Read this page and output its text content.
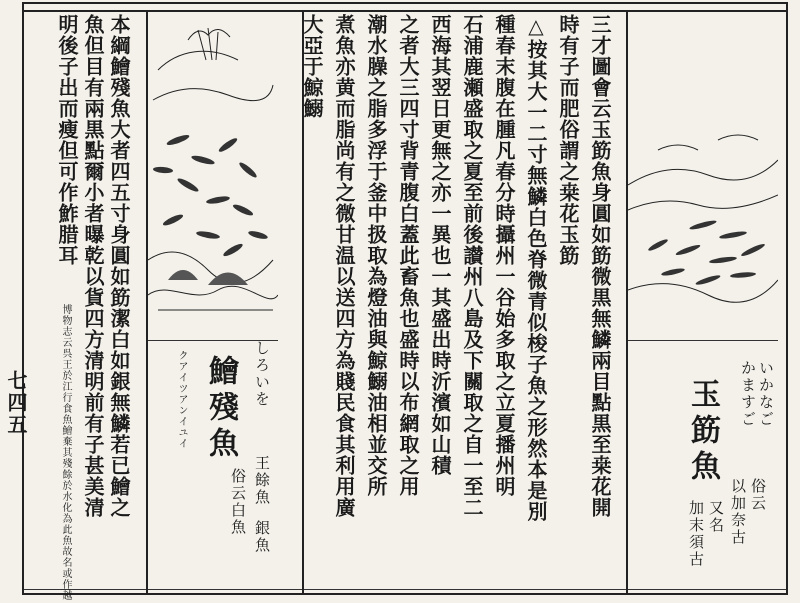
七四五	本綱鱠殘魚大者四五寸身圓如筯潔白如銀無鱗若已鱠之
魚但目有兩黒點爾小者曝乾以貨四方清明前有子甚美清
明後子出而瘦但可作鮓腊耳
博物志云呉王於江行食魚鱠棄其殘餘於水化為此魚故名或作越	鱠殘魚 しろいを
クアイツアンイユイ
王餘魚
銀魚
俗云白魚	三才圖會云玉筯魚身圓如筯微黒無鱗兩目點黒至桒花開
時有子而肥俗謂之桒花玉筯
△按其大一二寸無鱗白色脊微青似梭子魚之形然本是別
種春末腹在腫凡春分時攝州一谷始多取之立夏播州明
石浦鹿瀬盛取之夏至前後讃州八島及下關取之自一至二
西海其翌日更無之亦一異也一其盛出時沂濱如山積
之者大三四寸背青腹白蓋此畜魚也盛時以布網取之用
潮水臊之脂多浮于釜中扱取為燈油與鯨鰯油相並交所
煮魚亦黄而脂尚有之微甘温以送四方為賤民食其利用廣
大亞于鯨鰯
玉筯魚 いかなご
かますご
俗云
以加奈古
又名
加末須古
